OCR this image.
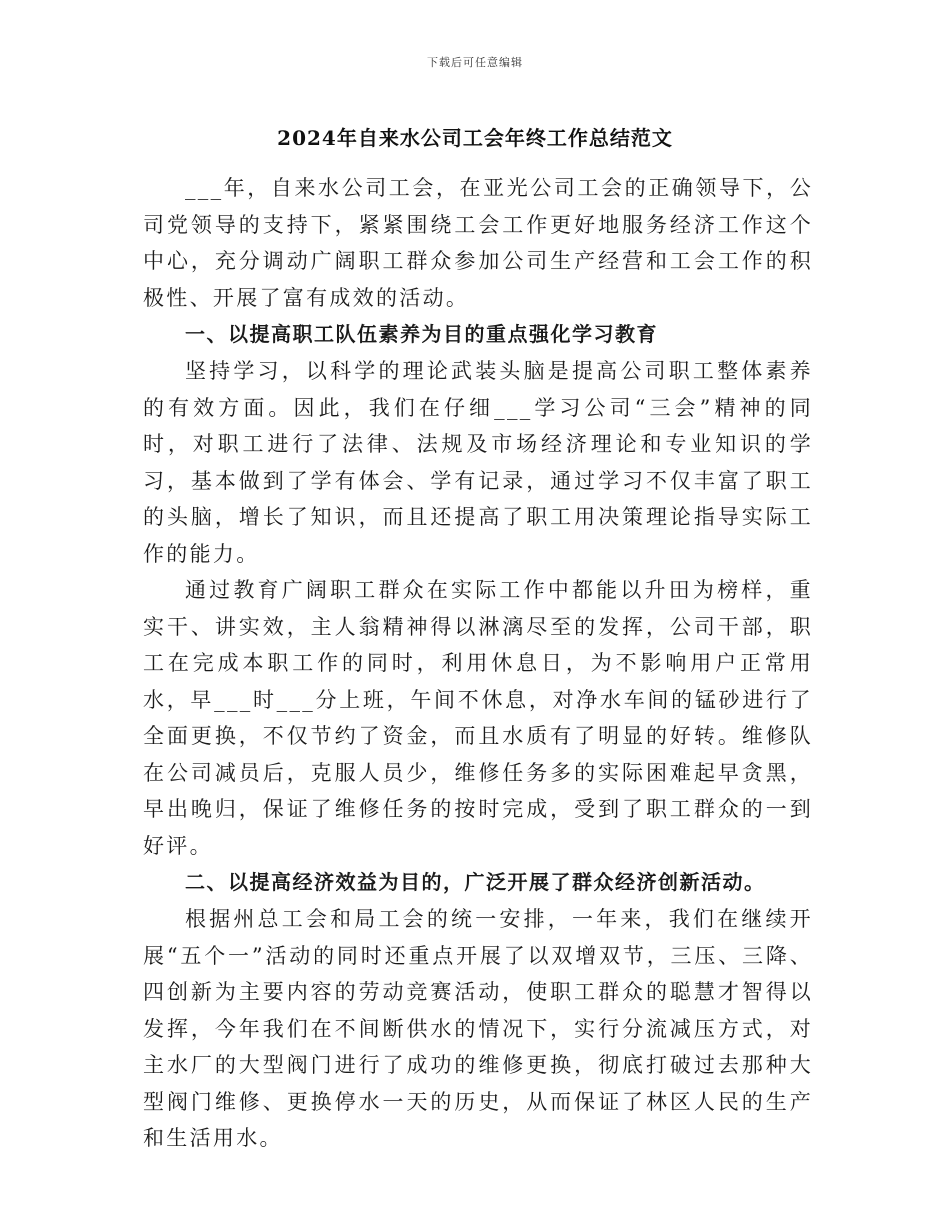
下载后可任意编辑
2024年自来水公司工会年终工作总结范文

___年，自来水公司工会，在亚光公司工会的正确领导下，公司党领导的支持下，紧紧围绕工会工作更好地服务经济工作这个中心，充分调动广阔职工群众参加公司生产经营和工会工作的积极性、开展了富有成效的活动。

一、以提高职工队伍素养为目的重点强化学习教育

坚持学习，以科学的理论武装头脑是提高公司职工整体素养的有效方面。因此，我们在仔细___学习公司“三会”精神的同时，对职工进行了法律、法规及市场经济理论和专业知识的学习，基本做到了学有体会、学有记录，通过学习不仅丰富了职工的头脑，增长了知识，而且还提高了职工用决策理论指导实际工作的能力。

通过教育广阔职工群众在实际工作中都能以升田为榜样，重实干、讲实效，主人翁精神得以淋漓尽至的发挥，公司干部，职工在完成本职工作的同时，利用休息日，为不影响用户正常用水，早___时___分上班，午间不休息，对净水车间的锰砂进行了全面更换，不仅节约了资金，而且水质有了明显的好转。维修队在公司减员后，克服人员少，维修任务多的实际困难起早贪黑，早出晚归，保证了维修任务的按时完成，受到了职工群众的一到好评。

二、以提高经济效益为目的，广泛开展了群众经济创新活动。

根据州总工会和局工会的统一安排，一年来，我们在继续开展“五个一”活动的同时还重点开展了以双增双节，三压、三降、四创新为主要内容的劳动竞赛活动，使职工群众的聪慧才智得以发挥，今年我们在不间断供水的情况下，实行分流减压方式，对主水厂的大型阀门进行了成功的维修更换，彻底打破过去那种大型阀门维修、更换停水一天的历史，从而保证了林区人民的生产和生活用水。
